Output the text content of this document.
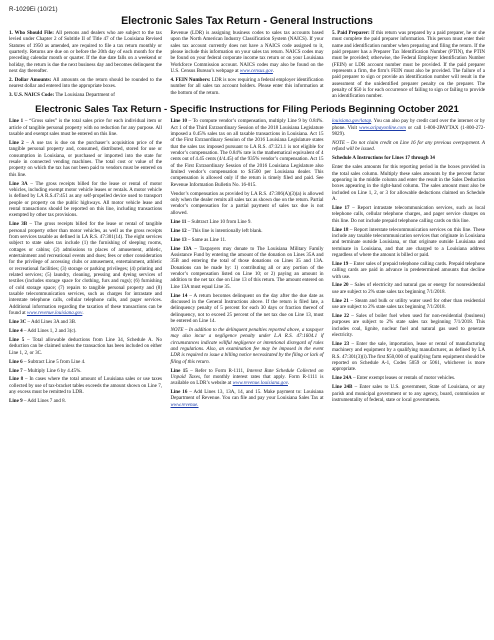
R-1029Ei (10/21)
Electronic Sales Tax Return - General Instructions

1. Who Should File: All persons and dealers who are subject to the tax levied under Chapter 2 of Subtitle II of Title 47 of the Louisiana Revised Statutes of 1950 as amended, are required to file a tax return monthly or quarterly. Returns are due on or before the 20th day of each month for the preceding calendar month or quarter. If the due date falls on a weekend or holiday, the return is due the next business day and becomes delinquent the next day thereafter.

2. Dollar Amounts: All amounts on the return should be rounded to the nearest dollar and entered into the appropriate boxes.

3. U.S. NAICS Code: The Louisiana Department of

Revenue (LDR) is assigning business codes to sales tax accounts based upon the North American Industry Classification System (NAICS). If your sales tax account currently does not have a NAICS code assigned to it, please include this information on your sales tax return. NAICS codes may be found on your federal corporate income tax return or on your Louisiana Workforce Commission account. NAICS codes may also be found on the U.S. Census Bureau’s webpage at www.census.gov.

4. FEIN Numbers: LDR is now requiring a federal employer identification number for all sales tax account holders. Please enter this information at the bottom of the return.

5. Paid Preparer: If this return was prepared by a paid preparer, he or she must complete the paid preparer information. This person must enter their name and identification number when preparing and filing the return. If the paid preparer has a Preparer Tax Identification Number (PTIN), the PTIN must be provided; otherwise, the Federal Employer Identification Number (FEIN) or LDR account number must be provided. If the paid preparer represents a firm, the firm’s FEIN must also be provided. The failure of a paid preparer to sign or provide an identification number will result in the assessment of the unidentified preparer penalty on the preparer. The penalty of $50 is for each occurrence of failing to sign or failing to provide an identification number.

Electronic Sales Tax Return - Specific Instructions for Filing Periods Beginning October 2021

Line 1 – “Gross sales” is the total sales price for each individual item or article of tangible personal property with no reduction for any purpose. All taxable and exempt sales must be entered on this line.

Line 2 – A use tax is due on the purchaser’s acquisition price of the tangible personal property and, consumed, distributed, stored for use or consumption in Louisiana, or purchased or imported into the state for resale in connected vending machines. The total cost or value of the property on which the tax has not been paid to vendors must be entered on this line.

Line 3A – The gross receipts billed for the lease or rental of motor vehicles, including exempt motor vehicle leases or rentals. A motor vehicle is defined by LA R.S.47:451 as any self-propelled device used to transport people or property on the public highways. All motor vehicle lease and rental transactions should be reported on this line, including transactions exempted by other tax provisions.

Line 3B – The gross receipts billed for the lease or rental of tangible personal property other than motor vehicles, as well as the gross receipts from services taxable as defined in LA R.S. 47:301(14). The eight services subject to state sales tax include (1) the furnishing of sleeping rooms, cottages or cabins; (2) admissions to places of amusement, athletic, entertainment and recreational events and dues; fees or other consideration for the privilege of accessing clubs or amusement, entertainment, athletic or recreational facilities; (3) storage or parking privileges; (4) printing and related services; (5) laundry, cleaning, pressing and dyeing services of textiles (includes storage space for clothing, furs and rugs); (6) furnishing of cold storage space; (7) repairs to tangible personal property and (8) taxable telecommunication services, such as charges for intrastate and interstate telephone calls, cellular telephone calls, and pager services. Additional information regarding the taxation of these transactions can be found at www.revenue.louisiana.gov.

Line 3C – Add Lines 3A and 3B.

Line 4 – Add Lines 1, 2 and 3(c).

Line 5 – Total allowable deductions from Line 34, Schedule A. No deduction can be claimed unless the transaction has been included on either Line 1, 2, or 3C.

Line 6 – Subtract Line 5 from Line 4.

Line 7 – Multiply Line 6 by 4.45%.

Line 8 – In cases where the total amount of Louisiana sales or use taxes collected by use of tax-bracket tables exceeds the amount shown on Line 7, any excess must be remitted to LDR.

Line 9 – Add Lines 7 and 8.

Line 10 – To compute vendor’s compensation, multiply Line 9 by 0.84%. Act 1 of the Third Extraordinary Session of the 2018 Louisiana Legislature imposed a 0.45% sales tax on all taxable transactions in Louisiana. Act 15 of the First Extraordinary Session of the 2016 Louisiana Legislature states that the sales tax imposed pursuant to LA R.S. 47:321.1 is not eligible for vendor’s compensation. The 0.84% rate is the mathematical equivalent of 4 cents out of 4.45 cents (4/4.45) of the 935% vendor’s compensation. Act 15 of the First Extraordinary Session of the 2016 Louisiana Legislature also limited vendor’s compensation to $1500 per Louisiana dealer. This compensation is allowed only if the return is timely filed and paid. See Revenue Information Bulletin No. 16-015.

Vendor’s compensation as provided by LA R.S. 47:306(A)(3)(a) is allowed only when the dealer remits all sales tax as shown due on the return. Partial vendor’s compensation for a partial payment of sales tax due is not allowed.

Line 11 – Subtract Line 10 from Line 9.

Line 12 – This line is intentionally left blank.

Line 13 – Same as Line 11.

Line 13A – Taxpayers may donate to The Louisiana Military Family Assistance Fund by entering the amount of the donation on Lines 35A and 35B and entering the total of those donations on Lines 35 and 13A. Donations can be made by: 1) contributing all or any portion of the vendor’s compensation listed on Line 10; or 2) paying an amount in addition to the net tax due on Line 13 of this return. The amount entered on Line 13A must equal Line 35.

Line 14 – A return becomes delinquent on the day after the due date as discussed in the General Instructions above. If the return is filed late, a delinquency penalty of 5 percent for each 30 days or fraction thereof of delinquency, not to exceed 25 percent of the net tax due on Line 13, must be entered on Line 14.

NOTE – In addition to the delinquent penalties reported above, a taxpayer may also incur a negligence penalty under L.A R.S. 47:1604.1 if circumstances indicate willful negligence or intentional disregard of rules and regulations. Also, an examination fee may be imposed in the event LDR is required to issue a billing notice necessitated by the filing or lack of filing of this return.

Line 15 – Refer to Form R-1111, Interest Rate Schedule Collected on Unpaid Taxes, for monthly interest rates that apply. Form R-1111 is available on LDR’s website at www.revenue.louisiana.gov.

Line 16 – Add Lines 13, 13A, 14, and 15. Make payment to: Louisiana Department of Revenue. You can file and pay your Louisiana Sales Tax at www.revenue.

louisiana.gov/latap. You can also pay by credit card over the internet or by phone. Visit www.acipayonline.com or call 1-800-2PAYTAX (1-800-272-9829).

NOTE – Do not claim credit on Line 16 for any previous overpayment. A refund will be issued.

Schedule A Instructions for Lines 17 through 34

Enter the sales amounts for this reporting period in the boxes provided in the total sales column. Multiply these sales amounts by the percent factor appearing in the middle column and enter the result in the Sales Deduction boxes appearing in the right-hand column. The sales amount must also be included on Line 1, 2, or 3 for allowable deductions claimed on Schedule A.

Line 17 – Report intrastate telecommunication services, such as local telephone calls, cellular telephone charges, and pager service charges on this line. Do not include prepaid telephone calling cards on this line.

Line 18 – Report interstate telecommunication services on this line. These include any taxable telecommunication services that originate in Louisiana and terminate outside Louisiana, or that originate outside Louisiana and terminate in Louisiana, and that are charged to a Louisiana address regardless of where the amount is billed or paid.

Line 19 – Enter sales of prepaid telephone calling cards. Prepaid telephone calling cards are paid in advance in predetermined amounts that decline with use.

Line 20 – Sales of electricity and natural gas or energy for nonresidential use are subject to 2% state sales tax beginning 7/1/2018.

Line 21 – Steam and bulk or utility water used for other than residential use are subject to 2% state sales tax beginning 7/1/2018.

Line 22 – Sales of boiler fuel when used for non-residential (business) purposes are subject to 2% state sales tax beginning 7/1/2018. This includes coal, lignite, nuclear fuel and natural gas used to generate electricity.

Line 23 – Enter the sale, importation, lease or rental of manufacturing machinery and equipment by a qualifying manufacturer, as defined by LA R.S. 47:301(3)(i).The first $50,000 of qualifying farm equipment should be reported on Schedule A-1, Codes 5059 or 5061, whichever is more appropriate.

Line 24A – Enter exempt leases or rentals of motor vehicles.

Line 24B – Enter sales to U.S. government, State of Louisiana, or any parish and municipal government or to any agency, board, commission or instrumentality of federal, state or local governments.
